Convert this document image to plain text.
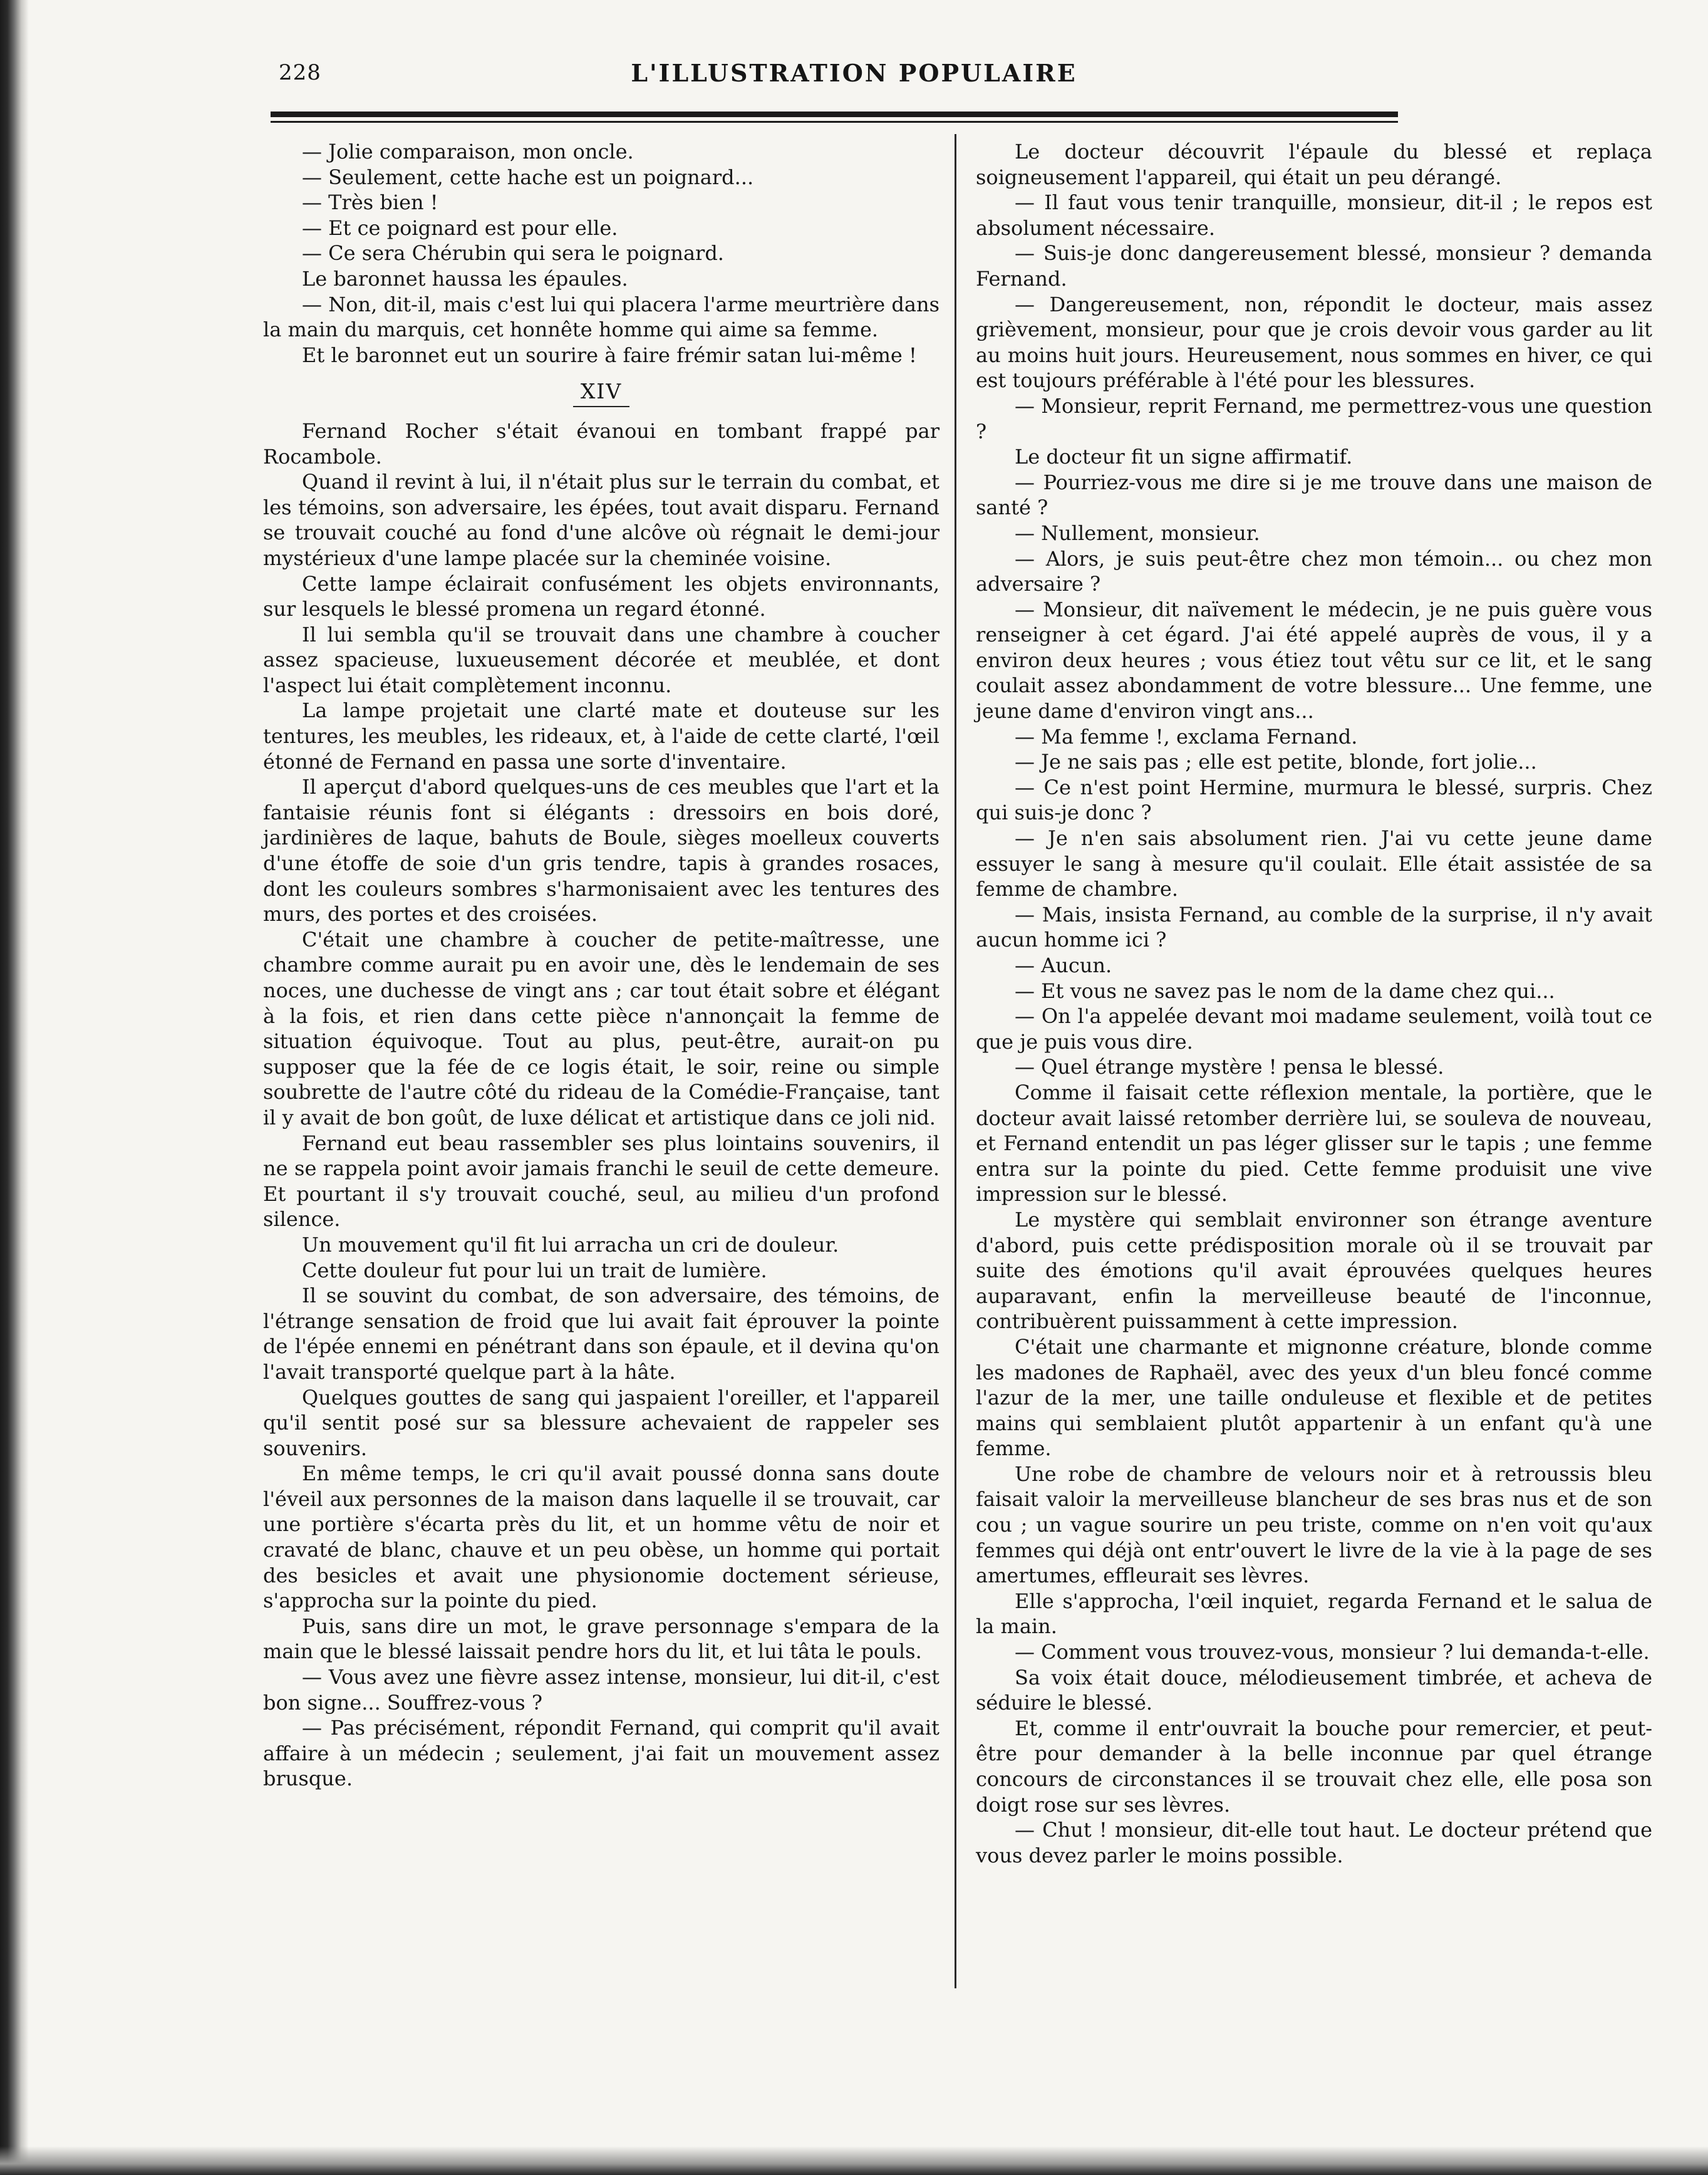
228	L'ILLUSTRATION POPULAIRE

— Jolie comparaison, mon oncle.

— Seulement, cette hache est un poignard...

— Très bien !

— Et ce poignard est pour elle.

— Ce sera Chérubin qui sera le poignard.

Le baronnet haussa les épaules.

— Non, dit-il, mais c'est lui qui placera l'arme meurtrière dans la main du marquis, cet honnête homme qui aime sa femme.

Et le baronnet eut un sourire à faire frémir satan lui-même !

XIV

Fernand Rocher s'était évanoui en tombant frappé par Rocambole.

Quand il revint à lui, il n'était plus sur le terrain du combat, et les témoins, son adversaire, les épées, tout avait disparu. Fernand se trouvait couché au fond d'une alcôve où régnait le demi-jour mystérieux d'une lampe placée sur la cheminée voisine.

Cette lampe éclairait confusément les objets environnants, sur lesquels le blessé promena un regard étonné.

Il lui sembla qu'il se trouvait dans une chambre à coucher assez spacieuse, luxueusement décorée et meublée, et dont l'aspect lui était complètement inconnu.

La lampe projetait une clarté mate et douteuse sur les tentures, les meubles, les rideaux, et, à l'aide de cette clarté, l'œil étonné de Fernand en passa une sorte d'inventaire.

Il aperçut d'abord quelques-uns de ces meubles que l'art et la fantaisie réunis font si élégants : dressoirs en bois doré, jardinières de laque, bahuts de Boule, sièges moelleux couverts d'une étoffe de soie d'un gris tendre, tapis à grandes rosaces, dont les couleurs sombres s'harmonisaient avec les tentures des murs, des portes et des croisées.

C'était une chambre à coucher de petite-maîtresse, une chambre comme aurait pu en avoir une, dès le lendemain de ses noces, une duchesse de vingt ans ; car tout était sobre et élégant à la fois, et rien dans cette pièce n'annonçait la femme de situation équivoque. Tout au plus, peut-être, aurait-on pu supposer que la fée de ce logis était, le soir, reine ou simple soubrette de l'autre côté du rideau de la Comédie-Française, tant il y avait de bon goût, de luxe délicat et artistique dans ce joli nid.

Fernand eut beau rassembler ses plus lointains souvenirs, il ne se rappela point avoir jamais franchi le seuil de cette demeure. Et pourtant il s'y trouvait couché, seul, au milieu d'un profond silence.

Un mouvement qu'il fit lui arracha un cri de douleur.

Cette douleur fut pour lui un trait de lumière.

Il se souvint du combat, de son adversaire, des témoins, de l'étrange sensation de froid que lui avait fait éprouver la pointe de l'épée ennemi en pénétrant dans son épaule, et il devina qu'on l'avait transporté quelque part à la hâte.

Quelques gouttes de sang qui jaspaient l'oreiller, et l'appareil qu'il sentit posé sur sa blessure achevaient de rappeler ses souvenirs.

En même temps, le cri qu'il avait poussé donna sans doute l'éveil aux personnes de la maison dans laquelle il se trouvait, car une portière s'écarta près du lit, et un homme vêtu de noir et cravaté de blanc, chauve et un peu obèse, un homme qui portait des besicles et avait une physionomie doctement sérieuse, s'approcha sur la pointe du pied.

Puis, sans dire un mot, le grave personnage s'empara de la main que le blessé laissait pendre hors du lit, et lui tâta le pouls.

— Vous avez une fièvre assez intense, monsieur, lui dit-il, c'est bon signe... Souffrez-vous ?

— Pas précisément, répondit Fernand, qui comprit qu'il avait affaire à un médecin ; seulement, j'ai fait un mouvement assez brusque.

Le docteur découvrit l'épaule du blessé et replaça soigneusement l'appareil, qui était un peu dérangé.

— Il faut vous tenir tranquille, monsieur, dit-il ; le repos est absolument nécessaire.

— Suis-je donc dangereusement blessé, monsieur ? demanda Fernand.

— Dangereusement, non, répondit le docteur, mais assez grièvement, monsieur, pour que je crois devoir vous garder au lit au moins huit jours. Heureusement, nous sommes en hiver, ce qui est toujours préférable à l'été pour les blessures.

— Monsieur, reprit Fernand, me permettrez-vous une question ?

Le docteur fit un signe affirmatif.

— Pourriez-vous me dire si je me trouve dans une maison de santé ?

— Nullement, monsieur.

— Alors, je suis peut-être chez mon témoin... ou chez mon adversaire ?

— Monsieur, dit naïvement le médecin, je ne puis guère vous renseigner à cet égard. J'ai été appelé auprès de vous, il y a environ deux heures ; vous étiez tout vêtu sur ce lit, et le sang coulait assez abondamment de votre blessure... Une femme, une jeune dame d'environ vingt ans...

— Ma femme !, exclama Fernand.

— Je ne sais pas ; elle est petite, blonde, fort jolie...

— Ce n'est point Hermine, murmura le blessé, surpris. Chez qui suis-je donc ?

— Je n'en sais absolument rien. J'ai vu cette jeune dame essuyer le sang à mesure qu'il coulait. Elle était assistée de sa femme de chambre.

— Mais, insista Fernand, au comble de la surprise, il n'y avait aucun homme ici ?

— Aucun.

— Et vous ne savez pas le nom de la dame chez qui...

— On l'a appelée devant moi madame seulement, voilà tout ce que je puis vous dire.

— Quel étrange mystère ! pensa le blessé.

Comme il faisait cette réflexion mentale, la portière, que le docteur avait laissé retomber derrière lui, se souleva de nouveau, et Fernand entendit un pas léger glisser sur le tapis ; une femme entra sur la pointe du pied. Cette femme produisit une vive impression sur le blessé.

Le mystère qui semblait environner son étrange aventure d'abord, puis cette prédisposition morale où il se trouvait par suite des émotions qu'il avait éprouvées quelques heures auparavant, enfin la merveilleuse beauté de l'inconnue, contribuèrent puissamment à cette impression.

C'était une charmante et mignonne créature, blonde comme les madones de Raphaël, avec des yeux d'un bleu foncé comme l'azur de la mer, une taille onduleuse et flexible et de petites mains qui semblaient plutôt appartenir à un enfant qu'à une femme.

Une robe de chambre de velours noir et à retroussis bleu faisait valoir la merveilleuse blancheur de ses bras nus et de son cou ; un vague sourire un peu triste, comme on n'en voit qu'aux femmes qui déjà ont entr'ouvert le livre de la vie à la page de ses amertumes, effleurait ses lèvres.

Elle s'approcha, l'œil inquiet, regarda Fernand et le salua de la main.

— Comment vous trouvez-vous, monsieur ? lui demanda-t-elle.

Sa voix était douce, mélodieusement timbrée, et acheva de séduire le blessé.

Et, comme il entr'ouvrait la bouche pour remercier, et peut-être pour demander à la belle inconnue par quel étrange concours de circonstances il se trouvait chez elle, elle posa son doigt rose sur ses lèvres.

— Chut ! monsieur, dit-elle tout haut. Le docteur prétend que vous devez parler le moins possible.
